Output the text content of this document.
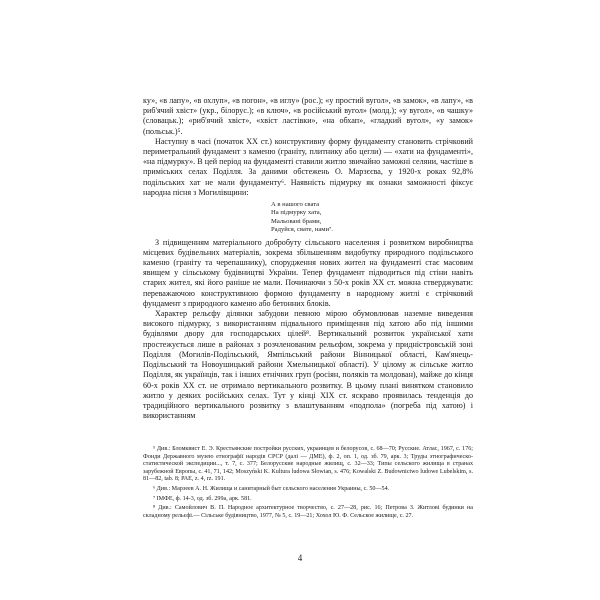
ку», «в лапу», «в охлуп», «в погон», «в иглу» (рос.); «у простий вугол», «в замок», «в лапу», «в риб'ячий хвіст» (укр., білорус.); «в ключ», «в російський вугол» (молд.); «у вугол», «в чашку» (словацьк.); «риб'ячий хвіст», «хвіст ластівки», «на обхап», «гладкий вугол», «у замок» (польськ.)⁵.

Наступну в часі (початок XX ст.) конструктивну форму фундаменту становить стрічковий периметральний фундамент з каменю (граніту, плитнику або цегли) — «хати на фундаменті», «на підмурку». В цей період на фундаменті ставили житло звичайно заможні селяни, частіше в приміських селах Поділля. За даними обстежень О. Марзєєва, у 1920-х роках 92,8% подільських хат не мали фундаменту⁶. Наявність підмурку як ознаки заможності фіксує народна пісня з Могилівщини:

А в нашого свата
На підмурку хата,
Мальовані брами,
Радуйся, свате, нами⁷.

З підвищенням матеріального добробуту сільського населення і розвитком виробництва місцевих будівельних матеріалів, зокрема збільшенням видобутку природного подільського каменю (граніту та черепашнику), спорудження нових жител на фундаменті стає масовим явищем у сільському будівництві України. Тепер фундамент підводиться під стіни навіть старих жител, які його раніше не мали. Починаючи з 50-х років XX ст. можна стверджувати: переважаючою конструктивною формою фундаменту в народному житлі є стрічковий фундамент з природного каменю або бетонних блоків.

Характер рельєфу ділянки забудови певною мірою обумовлював наземне виведення високого підмурку, з використанням підвального приміщення під хатою або під іншими будівлями двору для господарських цілей⁸. Вертикальний розвиток української хати простежується лише в районах з розчленованим рельєфом, зокрема у придністровській зоні Поділля (Могилів-Подільський, Ямпільський райони Вінницької області, Кам'янець-Подільський та Новоушицький райони Хмельницької області). У цілому ж сільське житло Поділля, як українців, так і інших етнічних груп (росіян, поляків та молдован), майже до кінця 60-х років XX ст. не отримало вертикального розвитку. В цьому плані винятком становило житло у деяких російських селах. Тут у кінці XIX ст. яскраво проявилась тенденція до традиційного вертикального розвитку з влаштуванням «подпола» (погреба під хатою) і використанням

⁵ Див.: Бломквист Е. Э. Крестьянские постройки русских, украинцев и белорусов, с. 68—70; Русские. Атлас, 1967, с. 176; Фонди Державного музею етнографії народів СРСР (далі — ДМЕ), ф. 2, оп. 1, од. зб. 79, арк. 3; Труды этнографическо-статистической экспедиции..., т. 7, с. 377; Белорусские народные жилищ, с. 32—33; Типы сельского жилища в странах зарубежной Европы, с. 41, 71, 142; Moszyński K. Kultura ludowa Słowian, s. 476; Kowalski Z. Budownictwo ludowe Lubelskim, s. 81—82, tab. 8; РАЕ, z. 4, rz. 191.

⁶ Див.: Марзеев А. Н. Жилища и санитарный быт сельского населения Украины, с. 50—54.

⁷ ІМФЕ, ф. 14-3, од. зб. 299а, арк. 581.

⁸ Див.: Самойлович В. П. Народное архитектурное творчество, с. 27—28, рис. 16; Петрова З. Житлові будинки на складному рельєфі.— Сільське будівництво, 1977, № 5, с. 19—21; Хохол Ю. Ф. Сельское жилище, с. 27.

4
